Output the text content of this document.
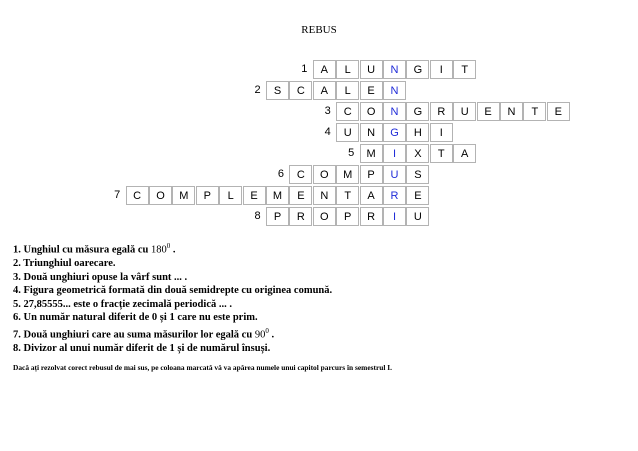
REBUS
1	A	L	U	N	G	I	T
2	S	C	A	L	E	N
3	C	O	N	G	R	U	E	N	T	E
4	U	N	G	H	I
5	M	I	X	T	A
6	C	O	M	P	U	S
7	C	O	M	P	L	E	M	E	N	T	A	R	E
8	P	R	O	P	R	I	U
1. Unghiul cu măsura egală cu $180^0$ .
2. Triunghiul oarecare.
3. Două unghiuri opuse la vârf sunt ... .
4. Figura geometrică formată din două semidrepte cu originea comună.
5. 27,85555... este o fracție zecimală periodică ... .
6. Un număr natural diferit de 0 și 1 care nu este prim.
7. Două unghiuri care au suma măsurilor lor egală cu $90^0$ .
8. Divizor al unui număr diferit de 1 și de numărul însuși.
Dacă ați rezolvat corect rebusul de mai sus, pe coloana marcată vă va apărea numele unui capitol parcurs în semestrul I.
